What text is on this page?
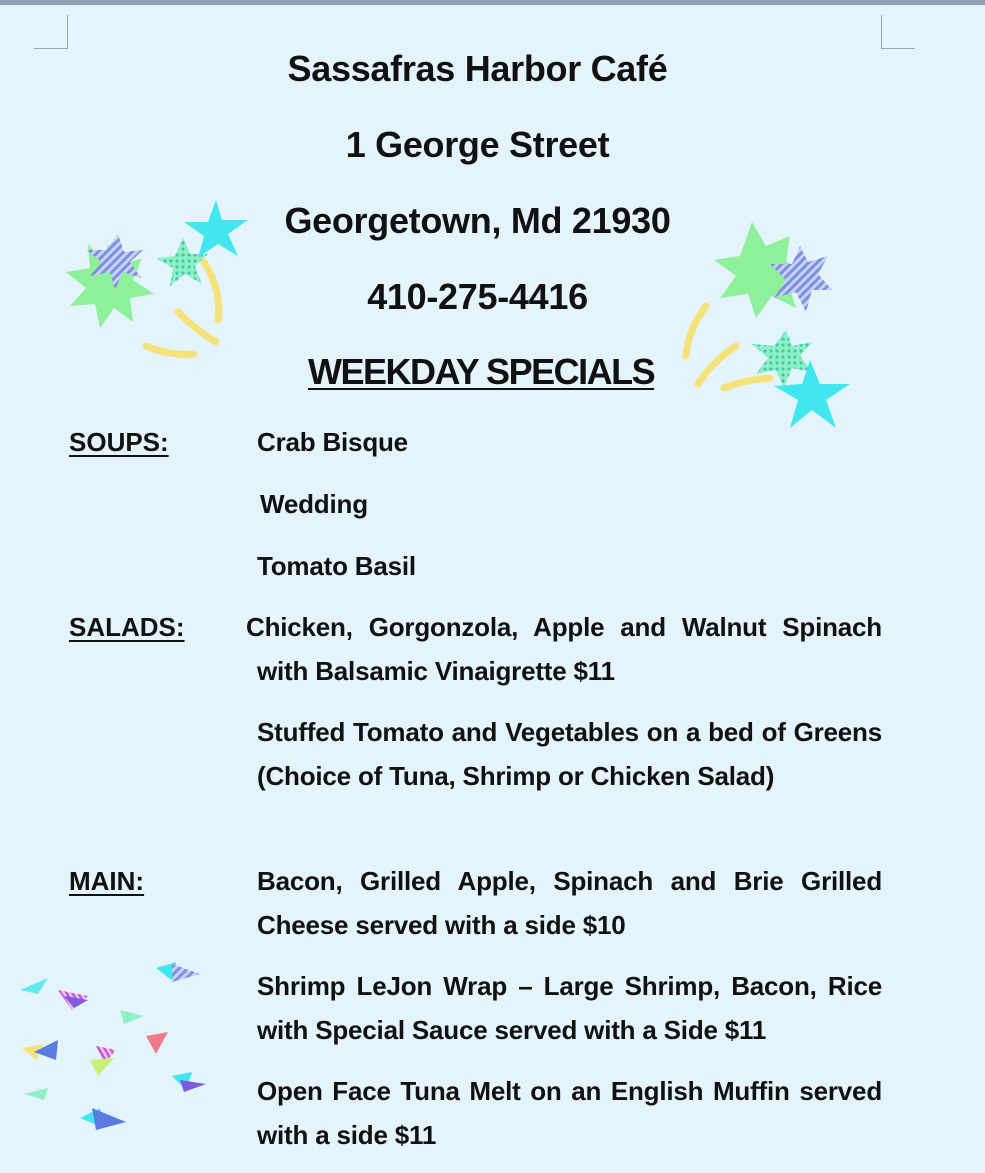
Sassafras Harbor Café
1 George Street
Georgetown, Md 21930
410-275-4416
WEEKDAY SPECIALS
SOUPS:	Crab Bisque
Wedding
Tomato Basil
SALADS: Chicken, Gorgonzola, Apple and Walnut Spinach with Balsamic Vinaigrette $11
Stuffed Tomato and Vegetables on a bed of Greens (Choice of Tuna, Shrimp or Chicken Salad)
MAIN:	Bacon, Grilled Apple, Spinach and Brie Grilled Cheese served with a side $10
Shrimp LeJon Wrap – Large Shrimp, Bacon, Rice with Special Sauce served with a Side $11
Open Face Tuna Melt on an English Muffin served with a side $11
